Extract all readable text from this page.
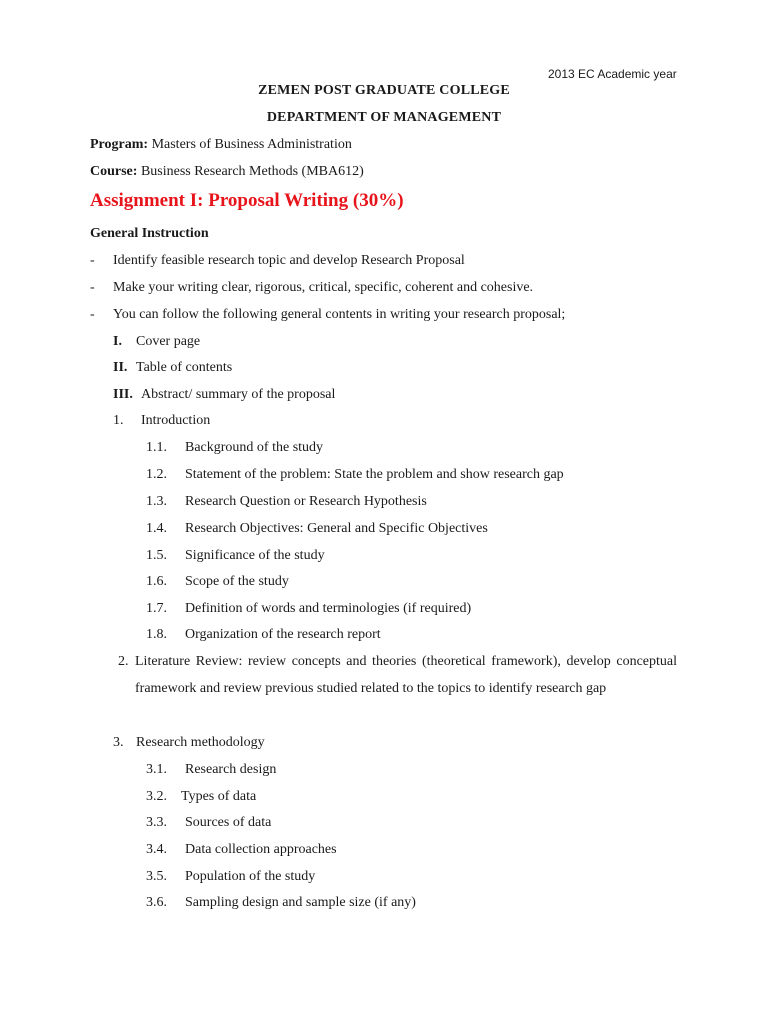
2013 EC Academic year
ZEMEN POST GRADUATE COLLEGE
DEPARTMENT OF MANAGEMENT
Program: Masters of Business Administration
Course: Business Research Methods (MBA612)
Assignment I: Proposal Writing (30%)
General Instruction
- Identify feasible research topic and develop Research Proposal
- Make your writing clear, rigorous, critical, specific, coherent and cohesive.
- You can follow the following general contents in writing your research proposal;
I. Cover page
II. Table of contents
III. Abstract/ summary of the proposal
1. Introduction
1.1. Background of the study
1.2. Statement of the problem: State the problem and show research gap
1.3. Research Question or Research Hypothesis
1.4. Research Objectives: General and Specific Objectives
1.5. Significance of the study
1.6. Scope of the study
1.7. Definition of words and terminologies (if required)
1.8. Organization of the research report
2. Literature Review: review concepts and theories (theoretical framework), develop conceptual framework and review previous studied related to the topics to identify research gap
3. Research methodology
3.1. Research design
3.2. Types of data
3.3. Sources of data
3.4. Data collection approaches
3.5. Population of the study
3.6. Sampling design and sample size (if any)
